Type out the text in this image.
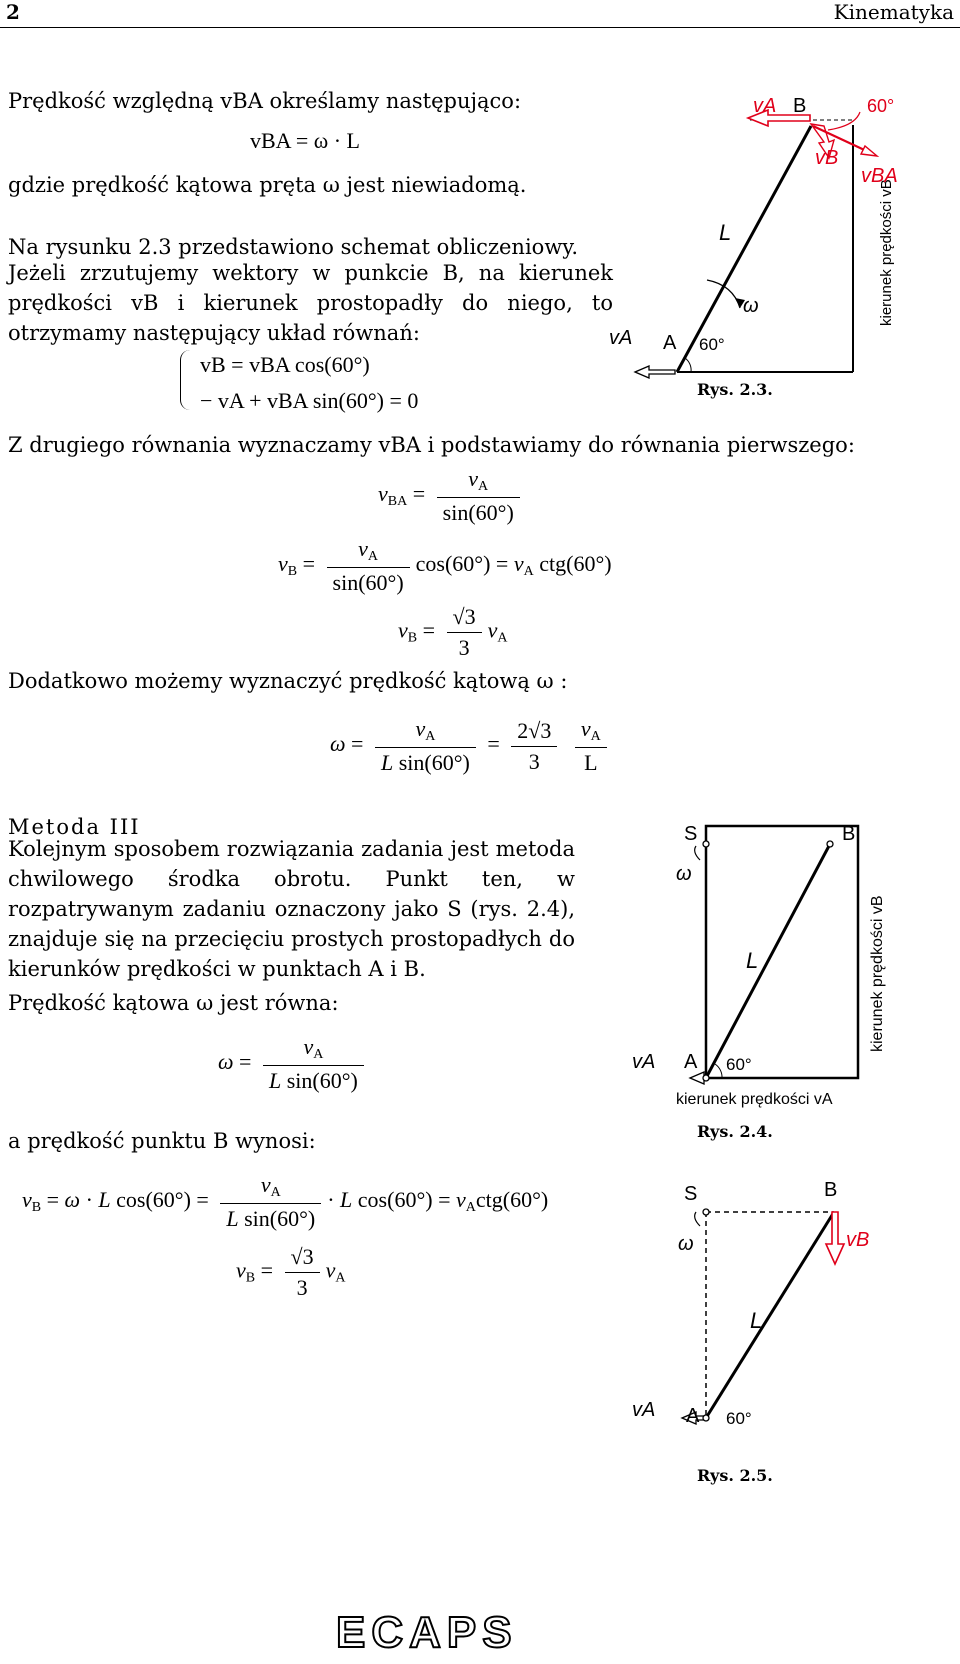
2	Kinematyka
Prędkość względną vBA określamy następująco:
vBA = ω · L
gdzie prędkość kątowa pręta ω jest niewiadomą.
Na rysunku 2.3 przedstawiono schemat obliczeniowy.
Jeżeli zrzutujemy wektory w punkcie B, na kierunek prędkości vB i kierunek prostopadły do niego, to otrzymamy następujący układ równań:
vB = vBA cos(60°)
− vA + vBA sin(60°) = 0
vA A 60°
ω
L	kierunek prędkości vB
vA B
vB
vBA
60°
Rys. 2.3.
Z drugiego równania wyznaczamy vBA i podstawiamy do równania pierwszego:
$v_{BA} = \frac{v_A}{\sin(60^\circ)}$
$v_B = \frac{v_A}{\sin(60^\circ)} \cos(60^\circ) = v_A$ ctg(60°)
$v_B = \frac{√3}{3} v_A$
Dodatkowo możemy wyznaczyć prędkość kątową ω :
$\omega = \frac{v_A}{\text{L sin(60°)}} = \frac{2√3}{3}$
$\frac{v_A}{L}$
Metoda III
Kolejnym sposobem rozwiązania zadania jest metoda chwilowego środka obrotu. Punkt ten, w rozpatrywanym zadaniu oznaczony jako S (rys. 2.4), znajduje się na przecięciu prostych prostopadłych do kierunków prędkości w punktach A i B.
Prędkość kątowa ω jest równa:
$\omega = \frac{v_A}{\text{L sin(60°)}}$
a prędkość punktu B wynosi:
$v_B = \omega \cdot L$ $\cos(60^\circ) = \frac{v_A}{\text{L sin(60°)}} \cdot L$ $\cos(60^\circ) = v_Actg(60^\circ)$
$v_B = \frac{√3}{3} v_A$
S	B
ω
L	kierunek prędkości vB
vA A 60°
kierunek prędkości vA
Rys. 2.4.
S	B
vB
ω
L
vA A 60°
Rys. 2.5.
ECAPS
